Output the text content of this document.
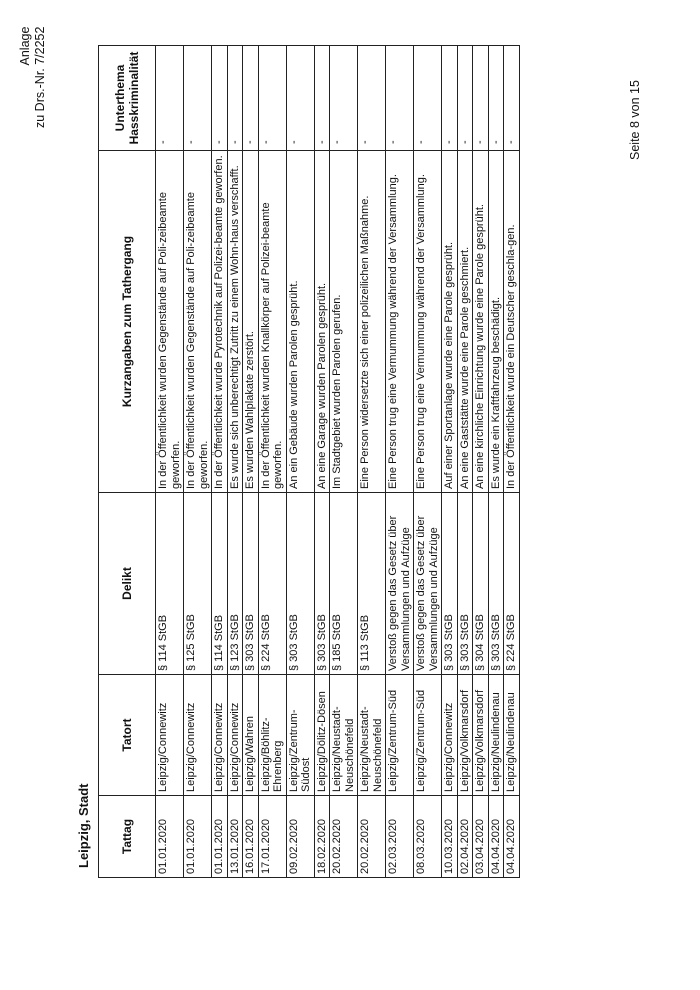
Anlage zu Drs.-Nr. 7/2252
Leipzig, Stadt Tattag	Tatort	Delikt	Kurzangaben zum Tathergang	Unterthema Hasskriminalität
01.01.2020	Leipzig/Connewitz	§ 114 StGB	In der Öffentlichkeit wurden Gegenstände auf Poli-zeibeamte geworfen.	-
01.01.2020	Leipzig/Connewitz	§ 125 StGB	In der Öffentlichkeit wurden Gegenstände auf Poli-zeibeamte geworfen.	-
01.01.2020	Leipzig/Connewitz	§ 114 StGB	In der Öffentlichkeit wurde Pyrotechnik auf Polizei-beamte geworfen.	-
13.01.2020	Leipzig/Connewitz	§ 123 StGB	Es wurde sich unberechtigt Zutritt zu einem Wohn-haus verschafft.	-
16.01.2020	Leipzig/Wahren	§ 303 StGB	Es wurden Wahlplakate zerstört.	-
17.01.2020	Leipzig/Böhlitz-Ehrenberg	§ 224 StGB	In der Öffentlichkeit wurden Knallkörper auf Polizei-beamte geworfen.	-
09.02.2020	Leipzig/Zentrum-Südost	§ 303 StGB	An ein Gebäude wurden Parolen gesprüht.	-
18.02.2020	Leipzig/Dölitz-Dösen	§ 303 StGB	An eine Garage wurden Parolen gesprüht.	-
20.02.2020	Leipzig/Neustadt-Neuschönefeld	§ 185 StGB	Im Stadtgebiet wurden Parolen gerufen.	-
20.02.2020	Leipzig/Neustadt-Neuschönefeld	§ 113 StGB	Eine Person widersetzte sich einer polizeilichen Maßnahme.	-
02.03.2020	Leipzig/Zentrum-Süd	Verstoß gegen das Gesetz über Versammlungen und Aufzüge	Eine Person trug eine Vermummung während der Versammlung.	-
08.03.2020	Leipzig/Zentrum-Süd	Verstoß gegen das Gesetz über Versammlungen und Aufzüge	Eine Person trug eine Vermummung während der Versammlung.	-
10.03.2020	Leipzig/Connewitz	§ 303 StGB	Auf einer Sportanlage wurde eine Parole gesprüht.	-
02.04.2020	Leipzig/Volkmarsdorf	§ 303 StGB	An eine Gaststätte wurde eine Parole geschmiert.	-
03.04.2020	Leipzig/Volkmarsdorf	§ 304 StGB	An eine kirchliche Einrichtung wurde eine Parole gesprüht.	-
04.04.2020	Leipzig/Neulindenau	§ 303 StGB	Es wurde ein Kraftfahrzeug beschädigt.	-
04.04.2020	Leipzig/Neulindenau	§ 224 StGB	In der Öffentlichkeit wurde ein Deutscher geschla-gen.	-	Seite 8 von 15
